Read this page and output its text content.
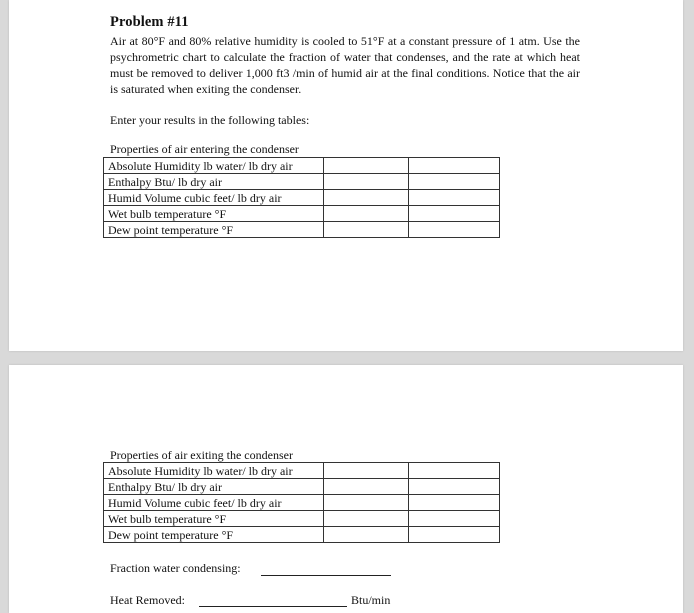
Problem #11
Air at 80°F and 80% relative humidity is cooled to 51°F at a constant pressure of 1 atm. Use the psychrometric chart to calculate the fraction of water that condenses, and the rate at which heat must be removed to deliver 1,000 ft3 /min of humid air at the final conditions. Notice that the air is saturated when exiting the condenser.
Enter your results in the following tables:
Properties of air entering the condenser
Absolute Humidity lb water/ lb dry air		
Enthalpy Btu/ lb dry air		
Humid Volume cubic feet/ lb dry air		
Wet bulb temperature °F		
Dew point temperature °F		
Properties of air exiting the condenser
Absolute Humidity lb water/ lb dry air		
Enthalpy Btu/ lb dry air		
Humid Volume cubic feet/ lb dry air		
Wet bulb temperature °F		
Dew point temperature °F		
Fraction water condensing:
Heat Removed:	Btu/min
